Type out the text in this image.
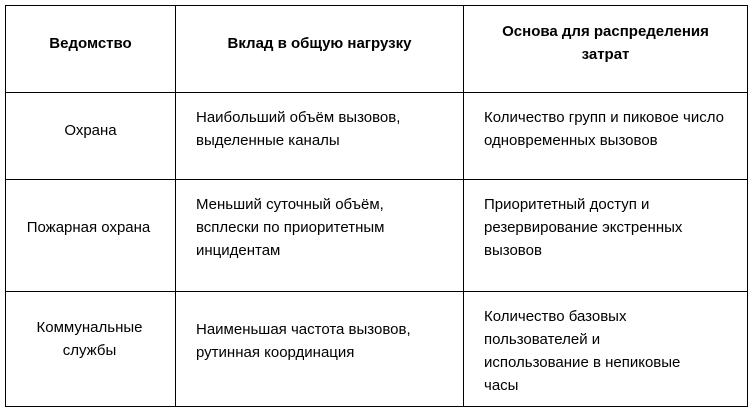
Ведомство	Вклад в общую нагрузку	Основа для распределения затрат

Охрана	Наибольший объём вызовов, выделенные каналы	Количество групп и пиковое число одновременных вызовов

Пожарная охрана	Меньший суточный объём, всплески по приоритетным инцидентам	Приоритетный доступ и резервирование экстренных вызовов

Коммунальные службы	Наименьшая частота вызовов, рутинная координация	Количество базовых пользователей и использование в непиковые часы
